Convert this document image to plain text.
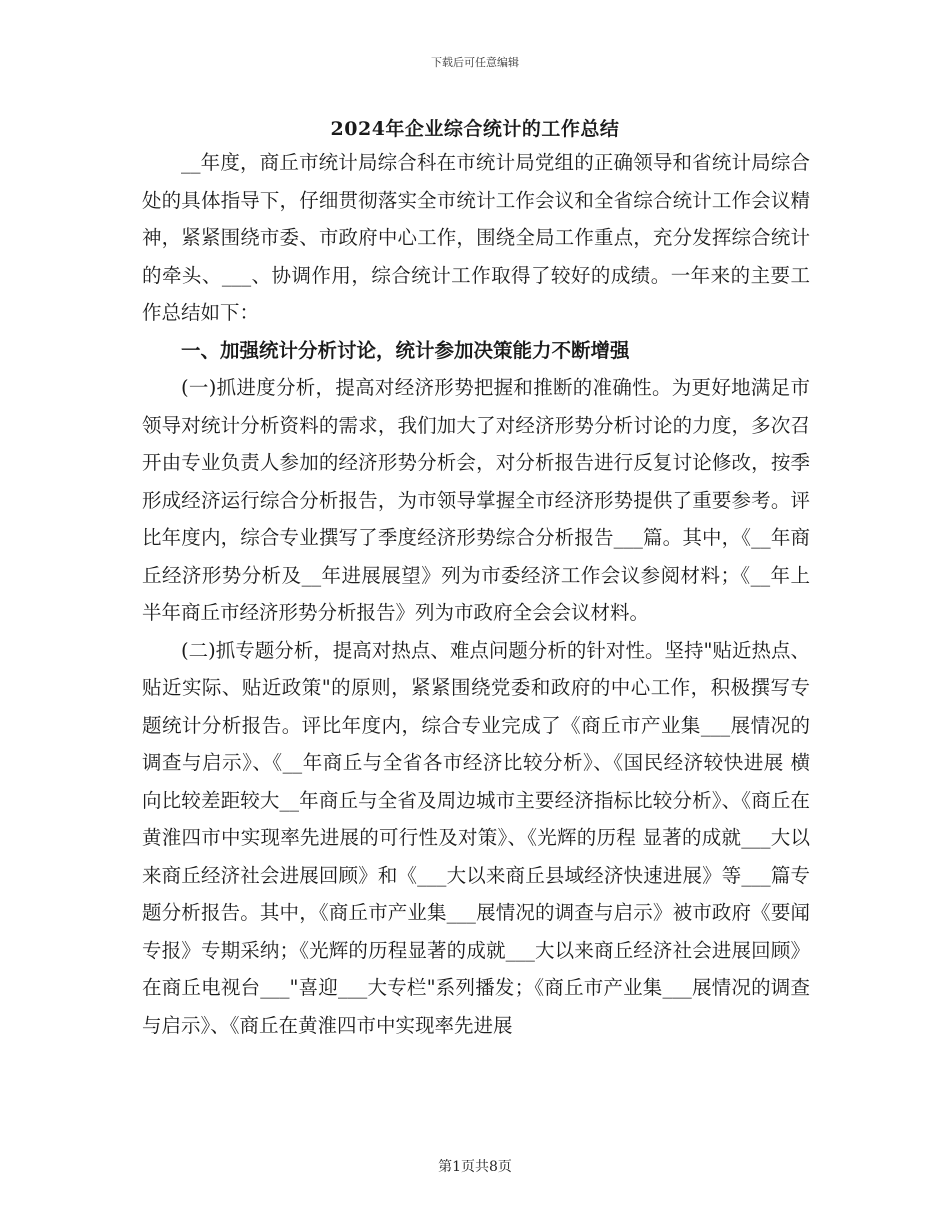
下载后可任意编辑
2024年企业综合统计的工作总结

__年度，商丘市统计局综合科在市统计局党组的正确领导和省统计局综合处的具体指导下，仔细贯彻落实全市统计工作会议和全省综合统计工作会议精神，紧紧围绕市委、市政府中心工作，围绕全局工作重点，充分发挥综合统计的牵头、___、协调作用，综合统计工作取得了较好的成绩。一年来的主要工作总结如下：

一、加强统计分析讨论，统计参加决策能力不断增强

(一)抓进度分析，提高对经济形势把握和推断的准确性。为更好地满足市领导对统计分析资料的需求，我们加大了对经济形势分析讨论的力度，多次召开由专业负责人参加的经济形势分析会，对分析报告进行反复讨论修改，按季形成经济运行综合分析报告，为市领导掌握全市经济形势提供了重要参考。评比年度内，综合专业撰写了季度经济形势综合分析报告___篇。其中，《__年商丘经济形势分析及__年进展展望》列为市委经济工作会议参阅材料；《__年上半年商丘市经济形势分析报告》列为市政府全会会议材料。

(二)抓专题分析，提高对热点、难点问题分析的针对性。坚持"贴近热点、贴近实际、贴近政策"的原则，紧紧围绕党委和政府的中心工作，积极撰写专题统计分析报告。评比年度内，综合专业完成了《商丘市产业集___展情况的调查与启示》、《__年商丘与全省各市经济比较分析》、《国民经济较快进展 横向比较差距较大__年商丘与全省及周边城市主要经济指标比较分析》、《商丘在黄淮四市中实现率先进展的可行性及对策》、《光辉的历程 显著的成就___大以来商丘经济社会进展回顾》和《___大以来商丘县域经济快速进展》等___篇专题分析报告。其中，《商丘市产业集___展情况的调查与启示》被市政府《要闻专报》专期采纳；《光辉的历程显著的成就___大以来商丘经济社会进展回顾》在商丘电视台___"喜迎___大专栏"系列播发；《商丘市产业集___展情况的调查与启示》、《商丘在黄淮四市中实现率先进展

第1页共8页
